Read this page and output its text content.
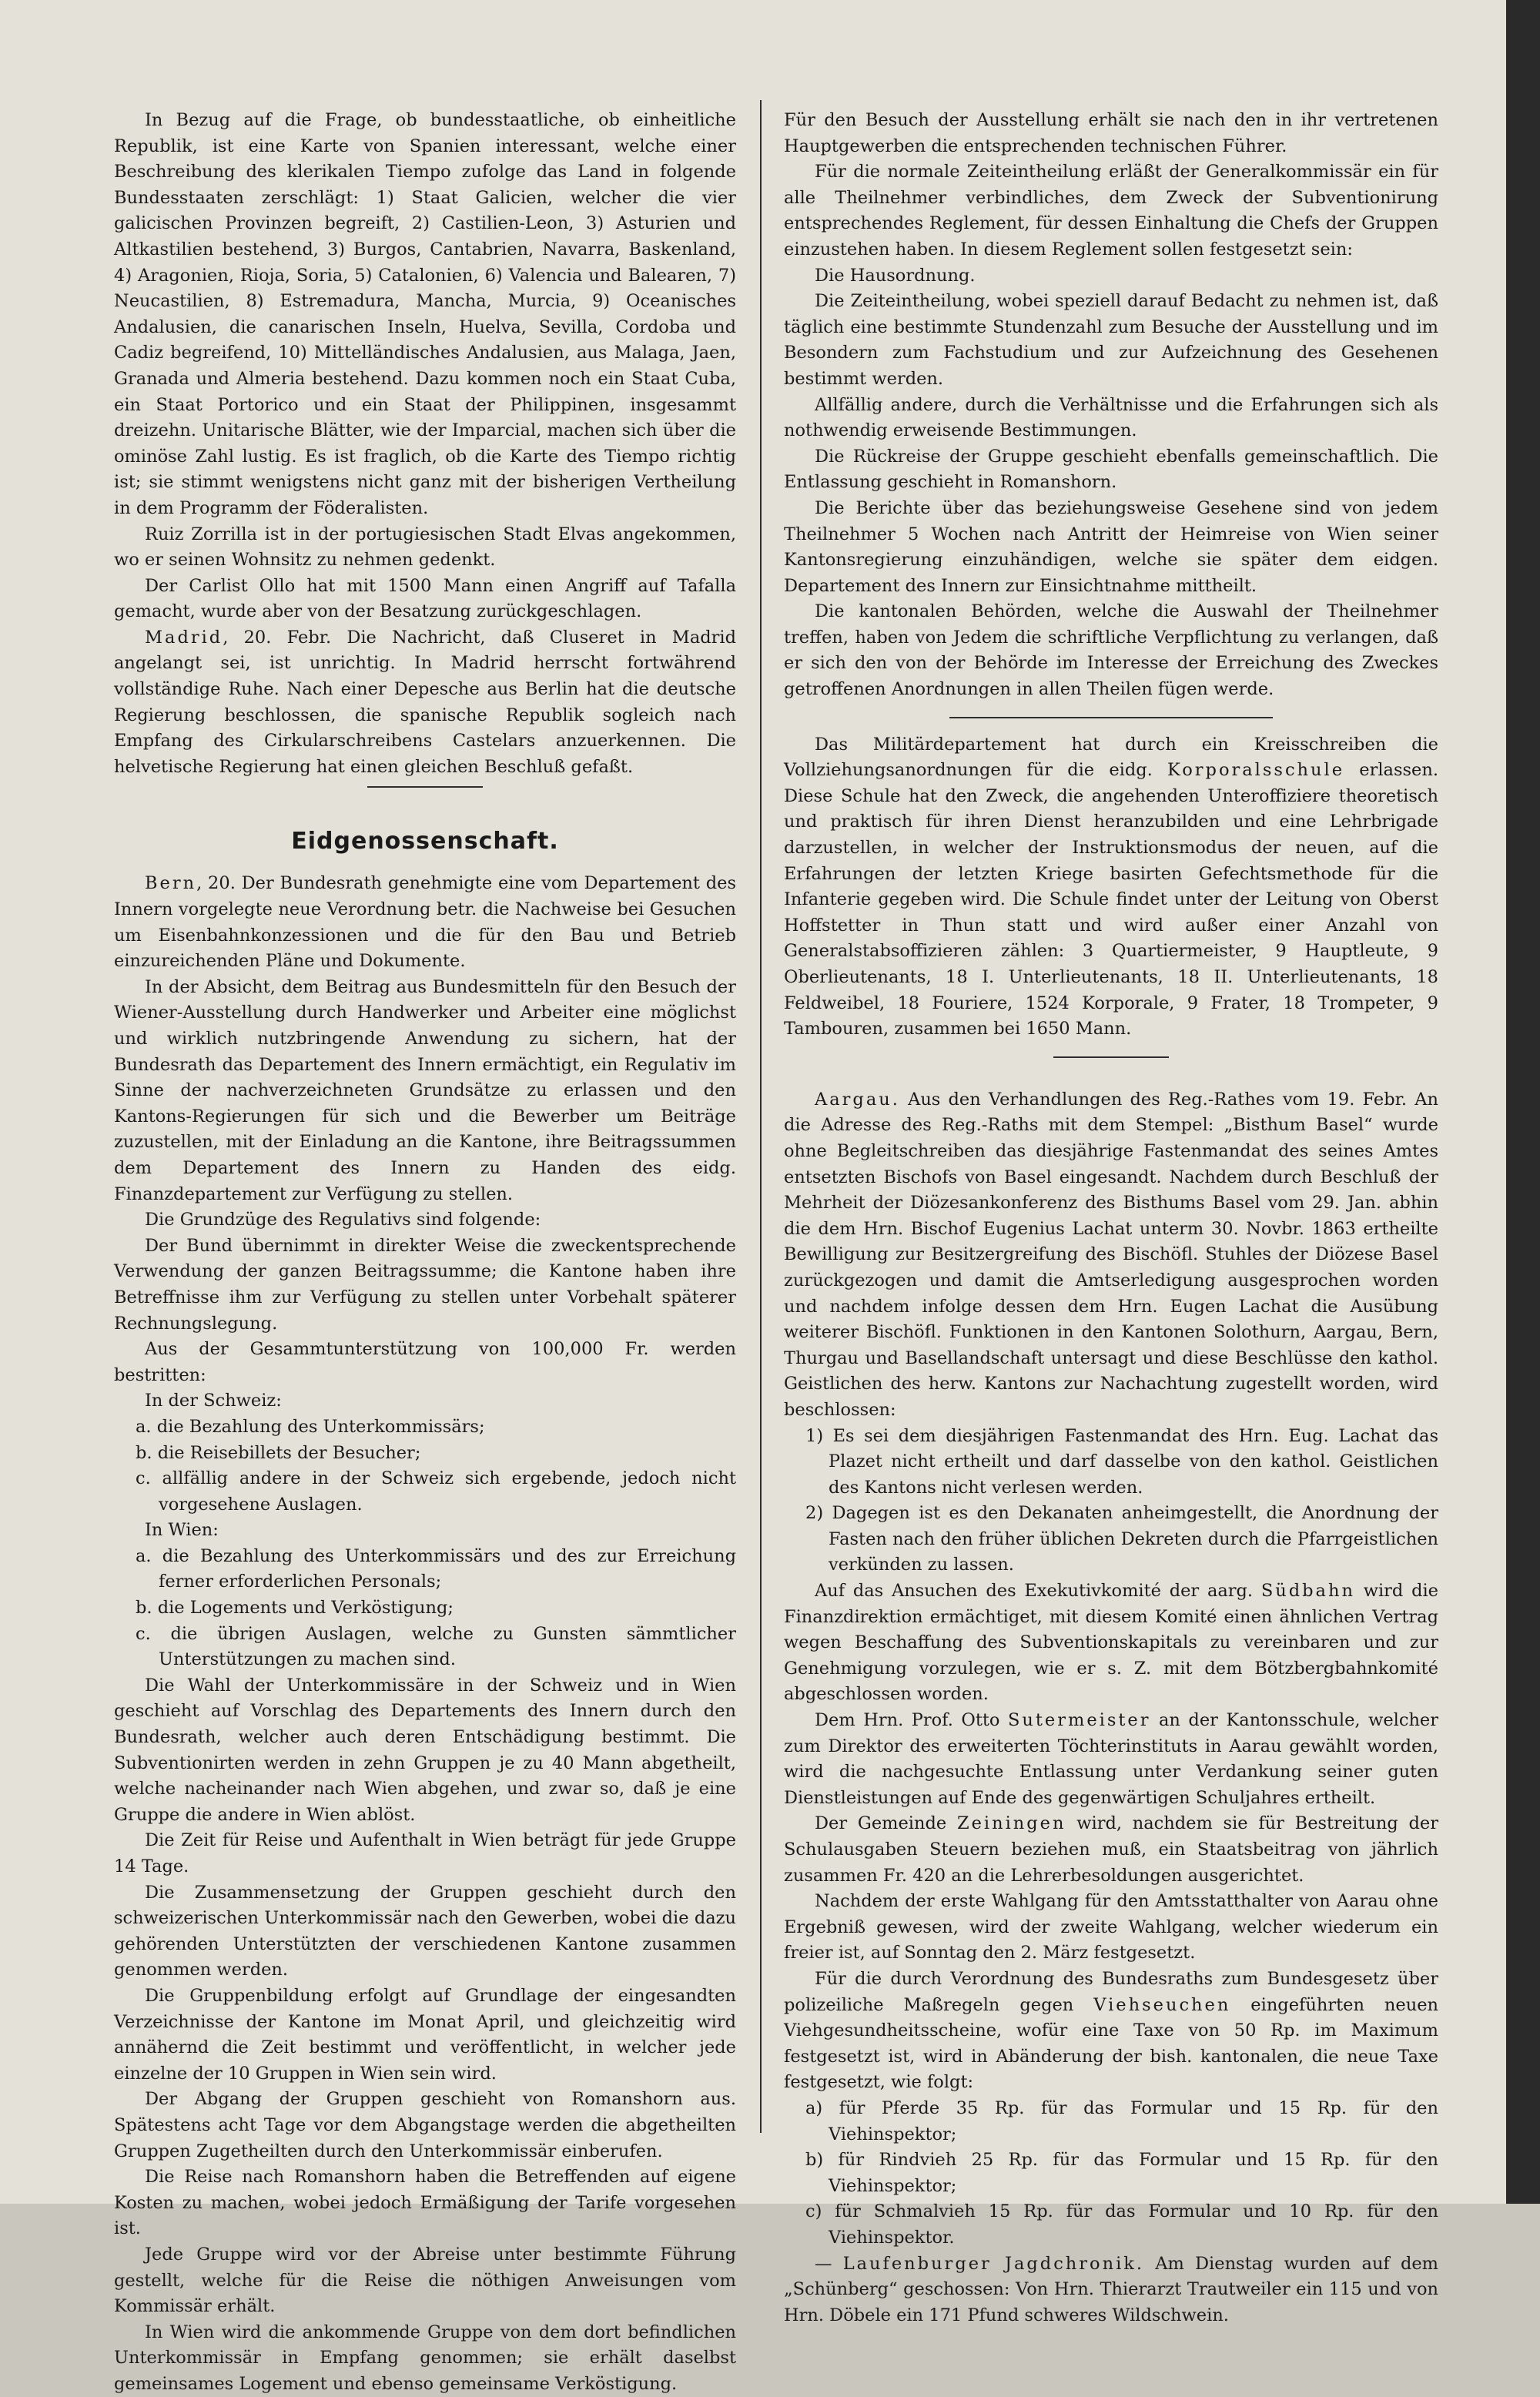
In Bezug auf die Frage, ob bundesstaatliche, ob einheitliche Republik, ist eine Karte von Spanien interessant, welche einer Beschreibung des klerikalen Tiempo zufolge das Land in folgende Bundesstaaten zerschlägt: 1) Staat Galicien, welcher die vier galicischen Provinzen begreift, 2) Castilien-Leon, 3) Asturien und Altkastilien bestehend, 3) Burgos, Cantabrien, Navarra, Baskenland, 4) Aragonien, Rioja, Soria, 5) Catalonien, 6) Valencia und Balearen, 7) Neucastilien, 8) Estremadura, Mancha, Murcia, 9) Oceanisches Andalusien, die canarischen Inseln, Huelva, Sevilla, Cordoba und Cadiz begreifend, 10) Mittelländisches Andalusien, aus Malaga, Jaen, Granada und Almeria bestehend. Dazu kommen noch ein Staat Cuba, ein Staat Portorico und ein Staat der Philippinen, insgesammt dreizehn. Unitarische Blätter, wie der Imparcial, machen sich über die ominöse Zahl lustig. Es ist fraglich, ob die Karte des Tiempo richtig ist; sie stimmt wenigstens nicht ganz mit der bisherigen Vertheilung in dem Programm der Föderalisten.

Ruiz Zorrilla ist in der portugiesischen Stadt Elvas angekommen, wo er seinen Wohnsitz zu nehmen gedenkt.

Der Carlist Ollo hat mit 1500 Mann einen Angriff auf Tafalla gemacht, wurde aber von der Besatzung zurückgeschlagen.

Madrid, 20. Febr. Die Nachricht, daß Cluseret in Madrid angelangt sei, ist unrichtig. In Madrid herrscht fortwährend vollständige Ruhe. Nach einer Depesche aus Berlin hat die deutsche Regierung beschlossen, die spanische Republik sogleich nach Empfang des Cirkularschreibens Castelars anzuerkennen. Die helvetische Regierung hat einen gleichen Beschluß gefaßt.

Eidgenossenschaft.

Bern, 20. Der Bundesrath genehmigte eine vom Departement des Innern vorgelegte neue Verordnung betr. die Nachweise bei Gesuchen um Eisenbahnkonzessionen und die für den Bau und Betrieb einzureichenden Pläne und Dokumente.

In der Absicht, dem Beitrag aus Bundesmitteln für den Besuch der Wiener-Ausstellung durch Handwerker und Arbeiter eine möglichst und wirklich nutzbringende Anwendung zu sichern, hat der Bundesrath das Departement des Innern ermächtigt, ein Regulativ im Sinne der nachverzeichneten Grundsätze zu erlassen und den Kantons-Regierungen für sich und die Bewerber um Beiträge zuzustellen, mit der Einladung an die Kantone, ihre Beitragssummen dem Departement des Innern zu Handen des eidg. Finanzdepartement zur Verfügung zu stellen.

Die Grundzüge des Regulativs sind folgende:

Der Bund übernimmt in direkter Weise die zweckentsprechende Verwendung der ganzen Beitragssumme; die Kantone haben ihre Betreffnisse ihm zur Verfügung zu stellen unter Vorbehalt späterer Rechnungslegung.

Aus der Gesammtunterstützung von 100,000 Fr. werden bestritten:

In der Schweiz:

a. die Bezahlung des Unterkommissärs;

b. die Reisebillets der Besucher;

c. allfällig andere in der Schweiz sich ergebende, jedoch nicht vorgesehene Auslagen.

In Wien:

a. die Bezahlung des Unterkommissärs und des zur Erreichung ferner erforderlichen Personals;

b. die Logements und Verköstigung;

c. die übrigen Auslagen, welche zu Gunsten sämmtlicher Unterstützungen zu machen sind.

Die Wahl der Unterkommissäre in der Schweiz und in Wien geschieht auf Vorschlag des Departements des Innern durch den Bundesrath, welcher auch deren Entschädigung bestimmt. Die Subventionirten werden in zehn Gruppen je zu 40 Mann abgetheilt, welche nacheinander nach Wien abgehen, und zwar so, daß je eine Gruppe die andere in Wien ablöst.

Die Zeit für Reise und Aufenthalt in Wien beträgt für jede Gruppe 14 Tage.

Die Zusammensetzung der Gruppen geschieht durch den schweizerischen Unterkommissär nach den Gewerben, wobei die dazu gehörenden Unterstützten der verschiedenen Kantone zusammen genommen werden.

Die Gruppenbildung erfolgt auf Grundlage der eingesandten Verzeichnisse der Kantone im Monat April, und gleichzeitig wird annähernd die Zeit bestimmt und veröffentlicht, in welcher jede einzelne der 10 Gruppen in Wien sein wird.

Der Abgang der Gruppen geschieht von Romanshorn aus. Spätestens acht Tage vor dem Abgangstage werden die abgetheilten Gruppen Zugetheilten durch den Unterkommissär einberufen.

Die Reise nach Romanshorn haben die Betreffenden auf eigene Kosten zu machen, wobei jedoch Ermäßigung der Tarife vorgesehen ist.

Jede Gruppe wird vor der Abreise unter bestimmte Führung gestellt, welche für die Reise die nöthigen Anweisungen vom Kommissär erhält.

In Wien wird die ankommende Gruppe von dem dort befindlichen Unterkommissär in Empfang genommen; sie erhält daselbst gemeinsames Logement und ebenso gemeinsame Verköstigung.

Für den Besuch der Ausstellung erhält sie nach den in ihr vertretenen Hauptgewerben die entsprechenden technischen Führer.

Für die normale Zeiteintheilung erläßt der Generalkommissär ein für alle Theilnehmer verbindliches, dem Zweck der Subventionirung entsprechendes Reglement, für dessen Einhaltung die Chefs der Gruppen einzustehen haben. In diesem Reglement sollen festgesetzt sein:

Die Hausordnung.

Die Zeiteintheilung, wobei speziell darauf Bedacht zu nehmen ist, daß täglich eine bestimmte Stundenzahl zum Besuche der Ausstellung und im Besondern zum Fachstudium und zur Aufzeichnung des Gesehenen bestimmt werden.

Allfällig andere, durch die Verhältnisse und die Erfahrungen sich als nothwendig erweisende Bestimmungen.

Die Rückreise der Gruppe geschieht ebenfalls gemeinschaftlich. Die Entlassung geschieht in Romanshorn.

Die Berichte über das beziehungsweise Gesehene sind von jedem Theilnehmer 5 Wochen nach Antritt der Heimreise von Wien seiner Kantonsregierung einzuhändigen, welche sie später dem eidgen. Departement des Innern zur Einsichtnahme mittheilt.

Die kantonalen Behörden, welche die Auswahl der Theilnehmer treffen, haben von Jedem die schriftliche Verpflichtung zu verlangen, daß er sich den von der Behörde im Interesse der Erreichung des Zweckes getroffenen Anordnungen in allen Theilen fügen werde.

Das Militärdepartement hat durch ein Kreisschreiben die Vollziehungsanordnungen für die eidg. Korporalsschule erlassen. Diese Schule hat den Zweck, die angehenden Unteroffiziere theoretisch und praktisch für ihren Dienst heranzubilden und eine Lehrbrigade darzustellen, in welcher der Instruktionsmodus der neuen, auf die Erfahrungen der letzten Kriege basirten Gefechtsmethode für die Infanterie gegeben wird. Die Schule findet unter der Leitung von Oberst Hoffstetter in Thun statt und wird außer einer Anzahl von Generalstabsoffizieren zählen: 3 Quartiermeister, 9 Hauptleute, 9 Oberlieutenants, 18 I. Unterlieutenants, 18 II. Unterlieutenants, 18 Feldweibel, 18 Fouriere, 1524 Korporale, 9 Frater, 18 Trompeter, 9 Tambouren, zusammen bei 1650 Mann.

Aargau. Aus den Verhandlungen des Reg.-Rathes vom 19. Febr. An die Adresse des Reg.-Raths mit dem Stempel: „Bisthum Basel“ wurde ohne Begleitschreiben das diesjährige Fastenmandat des seines Amtes entsetzten Bischofs von Basel eingesandt. Nachdem durch Beschluß der Mehrheit der Diözesankonferenz des Bisthums Basel vom 29. Jan. abhin die dem Hrn. Bischof Eugenius Lachat unterm 30. Novbr. 1863 ertheilte Bewilligung zur Besitzergreifung des Bischöfl. Stuhles der Diözese Basel zurückgezogen und damit die Amtserledigung ausgesprochen worden und nachdem infolge dessen dem Hrn. Eugen Lachat die Ausübung weiterer Bischöfl. Funktionen in den Kantonen Solothurn, Aargau, Bern, Thurgau und Basellandschaft untersagt und diese Beschlüsse den kathol. Geistlichen des herw. Kantons zur Nachachtung zugestellt worden, wird beschlossen:

1) Es sei dem diesjährigen Fastenmandat des Hrn. Eug. Lachat das Plazet nicht ertheilt und darf dasselbe von den kathol. Geistlichen des Kantons nicht verlesen werden.

2) Dagegen ist es den Dekanaten anheimgestellt, die Anordnung der Fasten nach den früher üblichen Dekreten durch die Pfarrgeistlichen verkünden zu lassen.

Auf das Ansuchen des Exekutivkomité der aarg. Südbahn wird die Finanzdirektion ermächtiget, mit diesem Komité einen ähnlichen Vertrag wegen Beschaffung des Subventionskapitals zu vereinbaren und zur Genehmigung vorzulegen, wie er s. Z. mit dem Bötzbergbahnkomité abgeschlossen worden.

Dem Hrn. Prof. Otto Sutermeister an der Kantonsschule, welcher zum Direktor des erweiterten Töchterinstituts in Aarau gewählt worden, wird die nachgesuchte Entlassung unter Verdankung seiner guten Dienstleistungen auf Ende des gegenwärtigen Schuljahres ertheilt.

Der Gemeinde Zeiningen wird, nachdem sie für Bestreitung der Schulausgaben Steuern beziehen muß, ein Staatsbeitrag von jährlich zusammen Fr. 420 an die Lehrerbesoldungen ausgerichtet.

Nachdem der erste Wahlgang für den Amtsstatthalter von Aarau ohne Ergebniß gewesen, wird der zweite Wahlgang, welcher wiederum ein freier ist, auf Sonntag den 2. März festgesetzt.

Für die durch Verordnung des Bundesraths zum Bundesgesetz über polizeiliche Maßregeln gegen Viehseuchen eingeführten neuen Viehgesundheitsscheine, wofür eine Taxe von 50 Rp. im Maximum festgesetzt ist, wird in Abänderung der bish. kantonalen, die neue Taxe festgesetzt, wie folgt:

a) für Pferde 35 Rp. für das Formular und 15 Rp. für den Viehinspektor;

b) für Rindvieh 25 Rp. für das Formular und 15 Rp. für den Viehinspektor;

c) für Schmalvieh 15 Rp. für das Formular und 10 Rp. für den Viehinspektor.

— Laufenburger Jagdchronik. Am Dienstag wurden auf dem „Schünberg“ geschossen: Von Hrn. Thierarzt Trautweiler ein 115 und von Hrn. Döbele ein 171 Pfund schweres Wildschwein.
